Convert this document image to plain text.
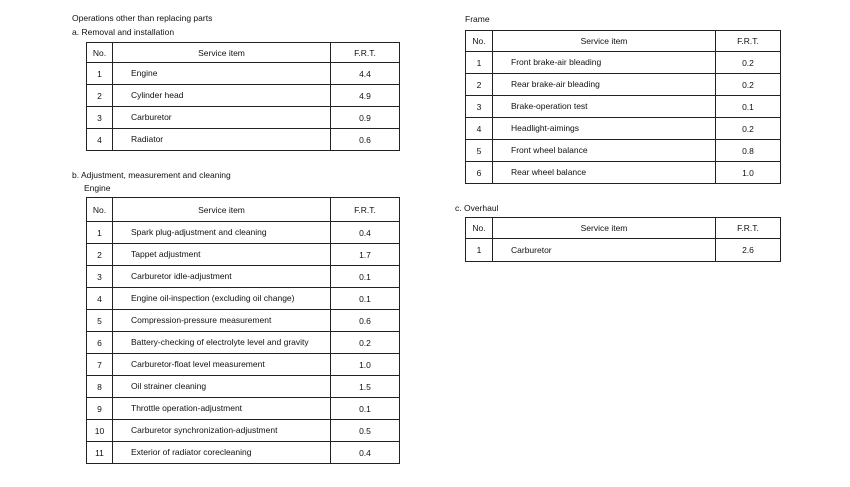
Operations other than replacing parts
a. Removal and installation
b. Adjustment, measurement and cleaning
Engine
Frame
c. Overhaul
No.	Service item	F.R.T.
1	Engine	4.4
2	Cylinder head	4.9
3	Carburetor	0.9
4	Radiator	0.6
No.	Service item	F.R.T.
1	Spark plug-adjustment and cleaning	0.4
2	Tappet adjustment	1.7
3	Carburetor idle-adjustment	0.1
4	Engine oil-inspection (excluding oil change)	0.1
5	Compression-pressure measurement	0.6
6	Battery-checking of electrolyte level and gravity	0.2
7	Carburetor-float level measurement	1.0
8	Oil strainer cleaning	1.5
9	Throttle operation-adjustment	0.1
10	Carburetor synchronization-adjustment	0.5
11	Exterior of radiator corecleaning	0.4
No.	Service item	F.R.T.
1	Front brake-air bleading	0.2
2	Rear brake-air bleading	0.2
3	Brake-operation test	0.1
4	Headlight-aimings	0.2
5	Front wheel balance	0.8
6	Rear wheel balance	1.0
No.	Service item	F.R.T.
1	Carburetor	2.6
